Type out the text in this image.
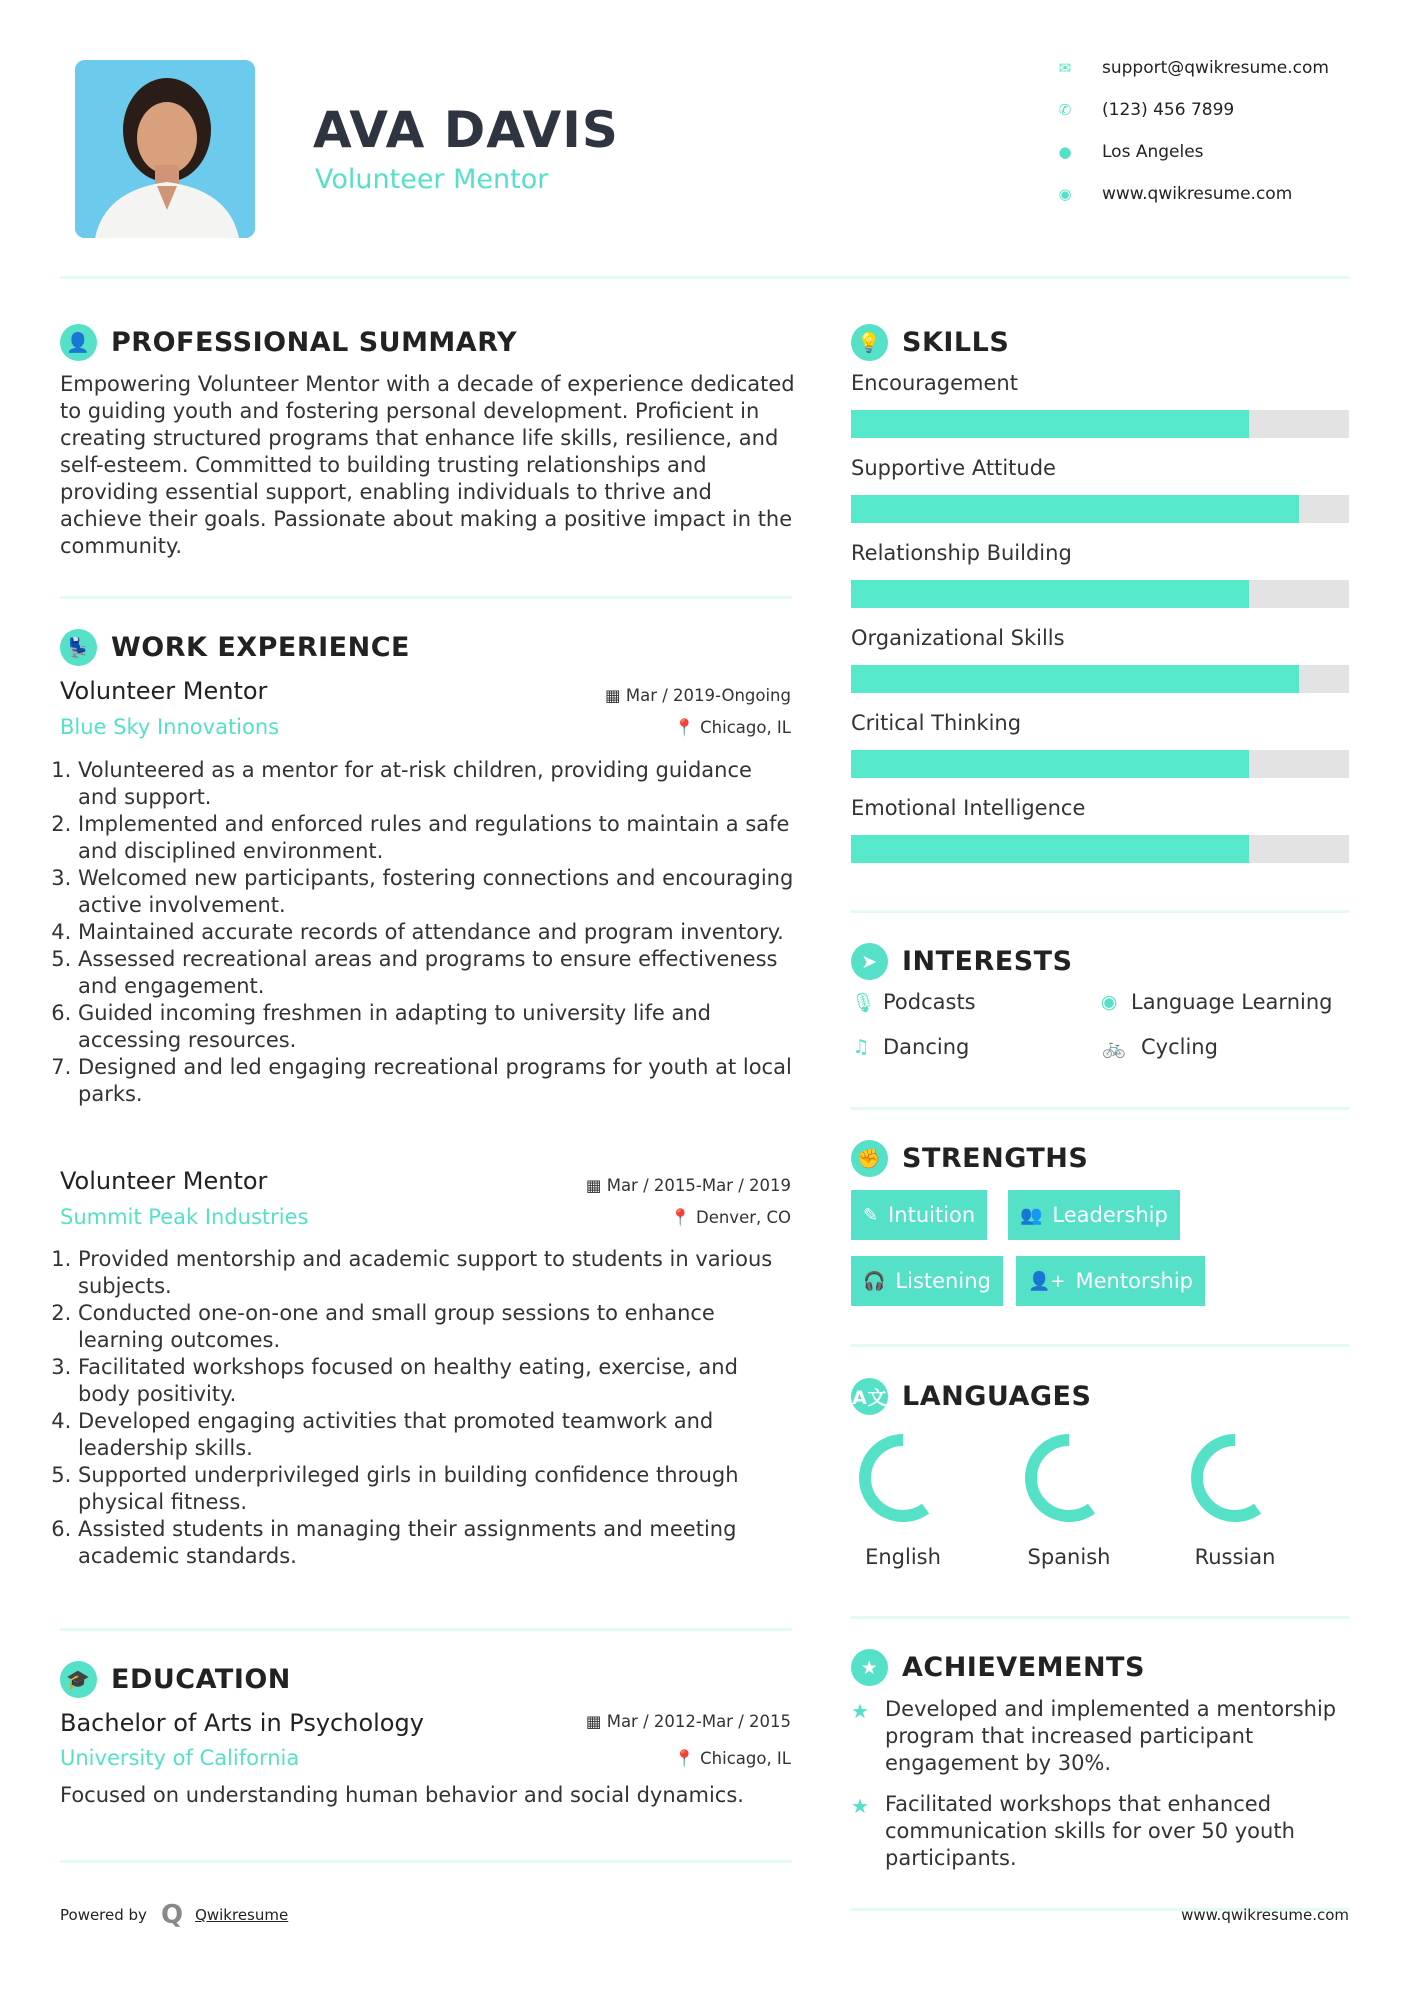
AVA DAVIS
Volunteer Mentor
✉ support@qwikresume.com
✆ (123) 456 7899
● Los Angeles
◉ www.qwikresume.com
👤 PROFESSIONAL SUMMARY
Empowering Volunteer Mentor with a decade of experience dedicated to guiding youth and fostering personal development. Proficient in creating structured programs that enhance life skills, resilience, and self-esteem. Committed to building trusting relationships and providing essential support, enabling individuals to thrive and achieve their goals. Passionate about making a positive impact in the community.
💺 WORK EXPERIENCE
Volunteer Mentor
Blue Sky Innovations
▦ Mar / 2019-Ongoing
📍 Chicago, IL
1. Volunteered as a mentor for at-risk children, providing guidance and support.
2. Implemented and enforced rules and regulations to maintain a safe and disciplined environment.
3. Welcomed new participants, fostering connections and encouraging active involvement.
4. Maintained accurate records of attendance and program inventory.
5. Assessed recreational areas and programs to ensure effectiveness and engagement.
6. Guided incoming freshmen in adapting to university life and accessing resources.
7. Designed and led engaging recreational programs for youth at local parks.
Volunteer Mentor
Summit Peak Industries
▦ Mar / 2015-Mar / 2019
📍 Denver, CO
1. Provided mentorship and academic support to students in various subjects.
2. Conducted one-on-one and small group sessions to enhance learning outcomes.
3. Facilitated workshops focused on healthy eating, exercise, and body positivity.
4. Developed engaging activities that promoted teamwork and leadership skills.
5. Supported underprivileged girls in building confidence through physical fitness.
6. Assisted students in managing their assignments and meeting academic standards.
🎓 EDUCATION
Bachelor of Arts in Psychology
University of California
▦ Mar / 2012-Mar / 2015
📍 Chicago, IL
Focused on understanding human behavior and social dynamics.
Powered by Q Qwikresume
💡 SKILLS
Encouragement
Supportive Attitude
Relationship Building
Organizational Skills
Critical Thinking
Emotional Intelligence
➤ INTERESTS
🎙 Podcasts	◉ Language Learning
♫ Dancing	🚲 Cycling
✊ STRENGTHS
✎ Intuition 👥 Leadership
🎧 Listening 👤+ Mentorship
A文 LANGUAGES
English	Spanish	Russian
★ ACHIEVEMENTS
★ Developed and implemented a mentorship program that increased participant engagement by 30%.
★ Facilitated workshops that enhanced communication skills for over 50 youth participants.
www.qwikresume.com
